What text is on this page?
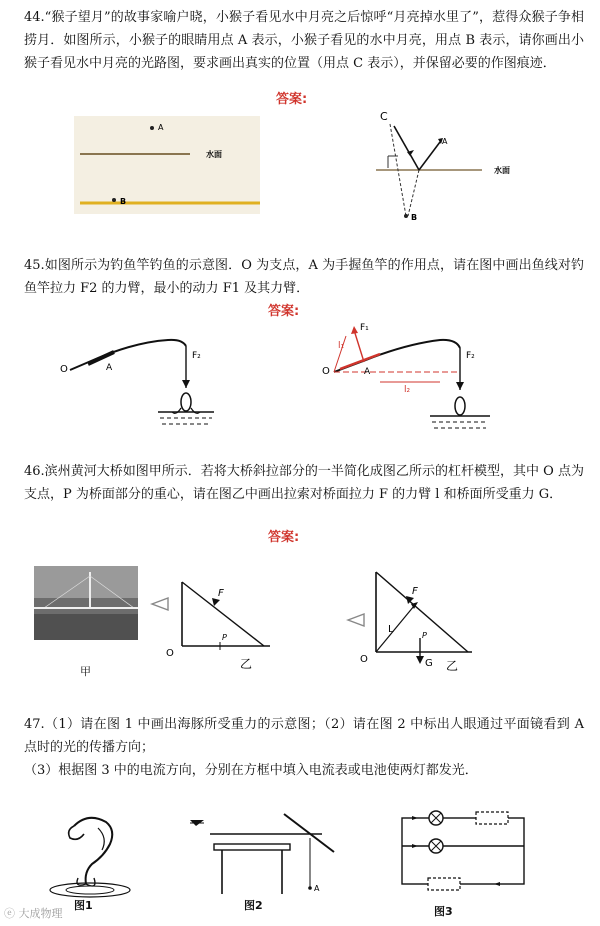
44.“猴子望月”的故事家喻户晓，小猴子看见水中月亮之后惊呼“月亮掉水里了”，惹得众猴子争相捞月．如图所示，小猴子的眼睛用点 A 表示，小猴子看见的水中月亮，用点 B 表示，请你画出小猴子看见水中月亮的光路图，要求画出真实的位置（用点 C 表示），并保留必要的作图痕迹．

答案:
A
B
水面
水面
C
A
B

45.如图所示为钓鱼竿钓鱼的示意图．O 为支点，A 为手握鱼竿的作用点，请在图中画出鱼线对钓鱼竿拉力 F2 的力臂，最小的动力 F1 及其力臂．

答案:
O	A
F₂
O
F₂
F₁
l₁
A
l₂

46.滨州黄河大桥如图甲所示．若将大桥斜拉部分的一半简化成图乙所示的杠杆模型，其中 O 点为支点，P 为桥面部分的重心，请在图乙中画出拉索对桥面拉力 F 的力臂 l 和桥面所受重力 G．

答案:
甲
F
P
O
乙
F
L
P
G
O	乙

47.（1）请在图 1 中画出海豚所受重力的示意图；（2）请在图 2 中标出人眼通过平面镜看到 A 点时的光的传播方向；

（3）根据图 3 中的电流方向，分别在方框中填入电流表或电池使两灯都发光．

图1
A
图2	图3
ⓔ 大成物理
